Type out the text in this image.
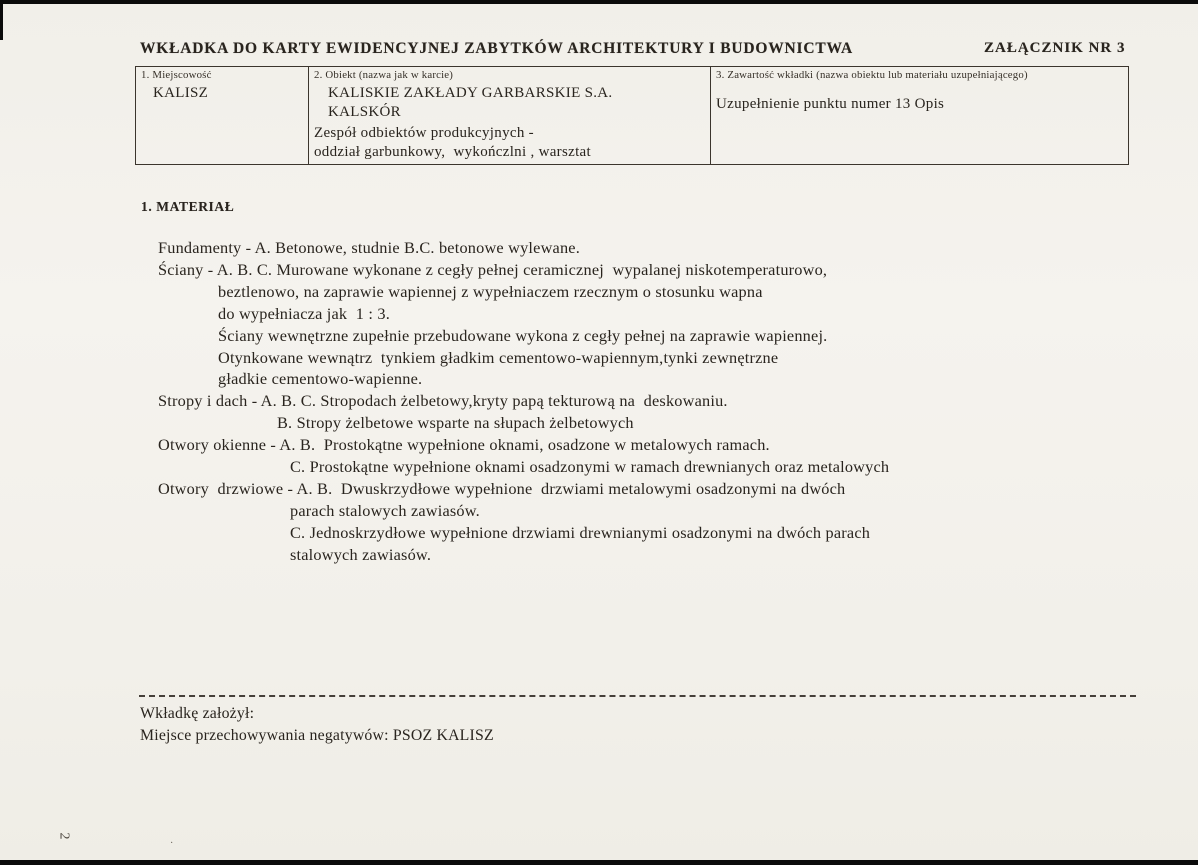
WKŁADKA DO KARTY EWIDENCYJNEJ ZABYTKÓW ARCHITEKTURY I BUDOWNICTWA	ZAŁĄCZNIK NR 3
1. Miejscowość
KALISZ

2. Obiekt (nazwa jak w karcie)
KALISKIE ZAKŁADY GARBARSKIE S.A.
KALSKÓR
Zespół odbiektów produkcyjnych -
oddział garbunkowy,  wykończlni , warsztat

3. Zawartość wkładki (nazwa obiektu lub materiału uzupełniającego)
Uzupełnienie punktu numer 13 Opis
1. MATERIAŁ
Fundamenty - A. Betonowe, studnie B.C. betonowe wylewane.
Ściany - A. B. C. Murowane wykonane z cegły pełnej ceramicznej  wypalanej niskotemperaturowo,
beztlenowo, na zaprawie wapiennej z wypełniaczem rzecznym o stosunku wapna
do wypełniacza jak  1 : 3.
Ściany wewnętrzne zupełnie przebudowane wykona z cegły pełnej na zaprawie wapiennej.
Otynkowane wewnątrz  tynkiem gładkim cementowo-wapiennym,tynki zewnętrzne
gładkie cementowo-wapienne.
Stropy i dach - A. B. C. Stropodach żelbetowy,kryty papą tekturową na  deskowaniu.
B. Stropy żelbetowe wsparte na słupach żelbetowych
Otwory okienne - A. B.  Prostokątne wypełnione oknami, osadzone w metalowych ramach.
C. Prostokątne wypełnione oknami osadzonymi w ramach drewnianych oraz metalowych
Otwory  drzwiowe - A. B.  Dwuskrzydłowe wypełnione  drzwiami metalowymi osadzonymi na dwóch
parach stalowych zawiasów.
C. Jednoskrzydłowe wypełnione drzwiami drewnianymi osadzonymi na dwóch parach
stalowych zawiasów.
Wkładkę założył:
Miejsce przechowywania negatywów: PSOZ KALISZ
2
·
